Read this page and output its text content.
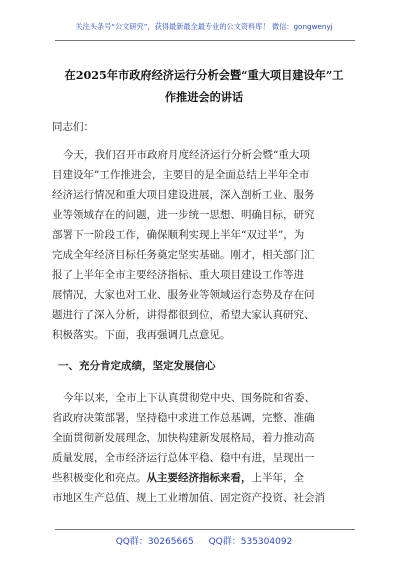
关注头条号“公文研究”，获得最新最全最专业的公文资料库！ 微信：gongwenyj
在2025年市政府经济运行分析会暨“重大项目建设年”工
作推进会的讲话
同志们：
今天，我们召开市政府月度经济运行分析会暨“重大项
目建设年”工作推进会，主要目的是全面总结上半年全市
经济运行情况和重大项目建设进展，深入剖析工业、服务
业等领域存在的问题，进一步统一思想、明确目标，研究
部署下一阶段工作，确保顺利实现上半年“双过半”，为
完成全年经济目标任务奠定坚实基础。刚才，相关部门汇
报了上半年全市主要经济指标、重大项目建设工作等进
展情况，大家也对工业、服务业等领域运行态势及存在问
题进行了深入分析，讲得都很到位，希望大家认真研究、
积极落实。下面，我再强调几点意见。
一、充分肯定成绩，坚定发展信心
今年以来，全市上下认真贯彻党中央、国务院和省委、
省政府决策部署，坚持稳中求进工作总基调，完整、准确
全面贯彻新发展理念，加快构建新发展格局，着力推动高
质量发展，全市经济运行总体平稳、稳中有进，呈现出一
些积极变化和亮点。从主要经济指标来看，上半年，全
市地区生产总值、规上工业增加值、固定资产投资、社会消
QQ群：30265665 QQ群：535304092
